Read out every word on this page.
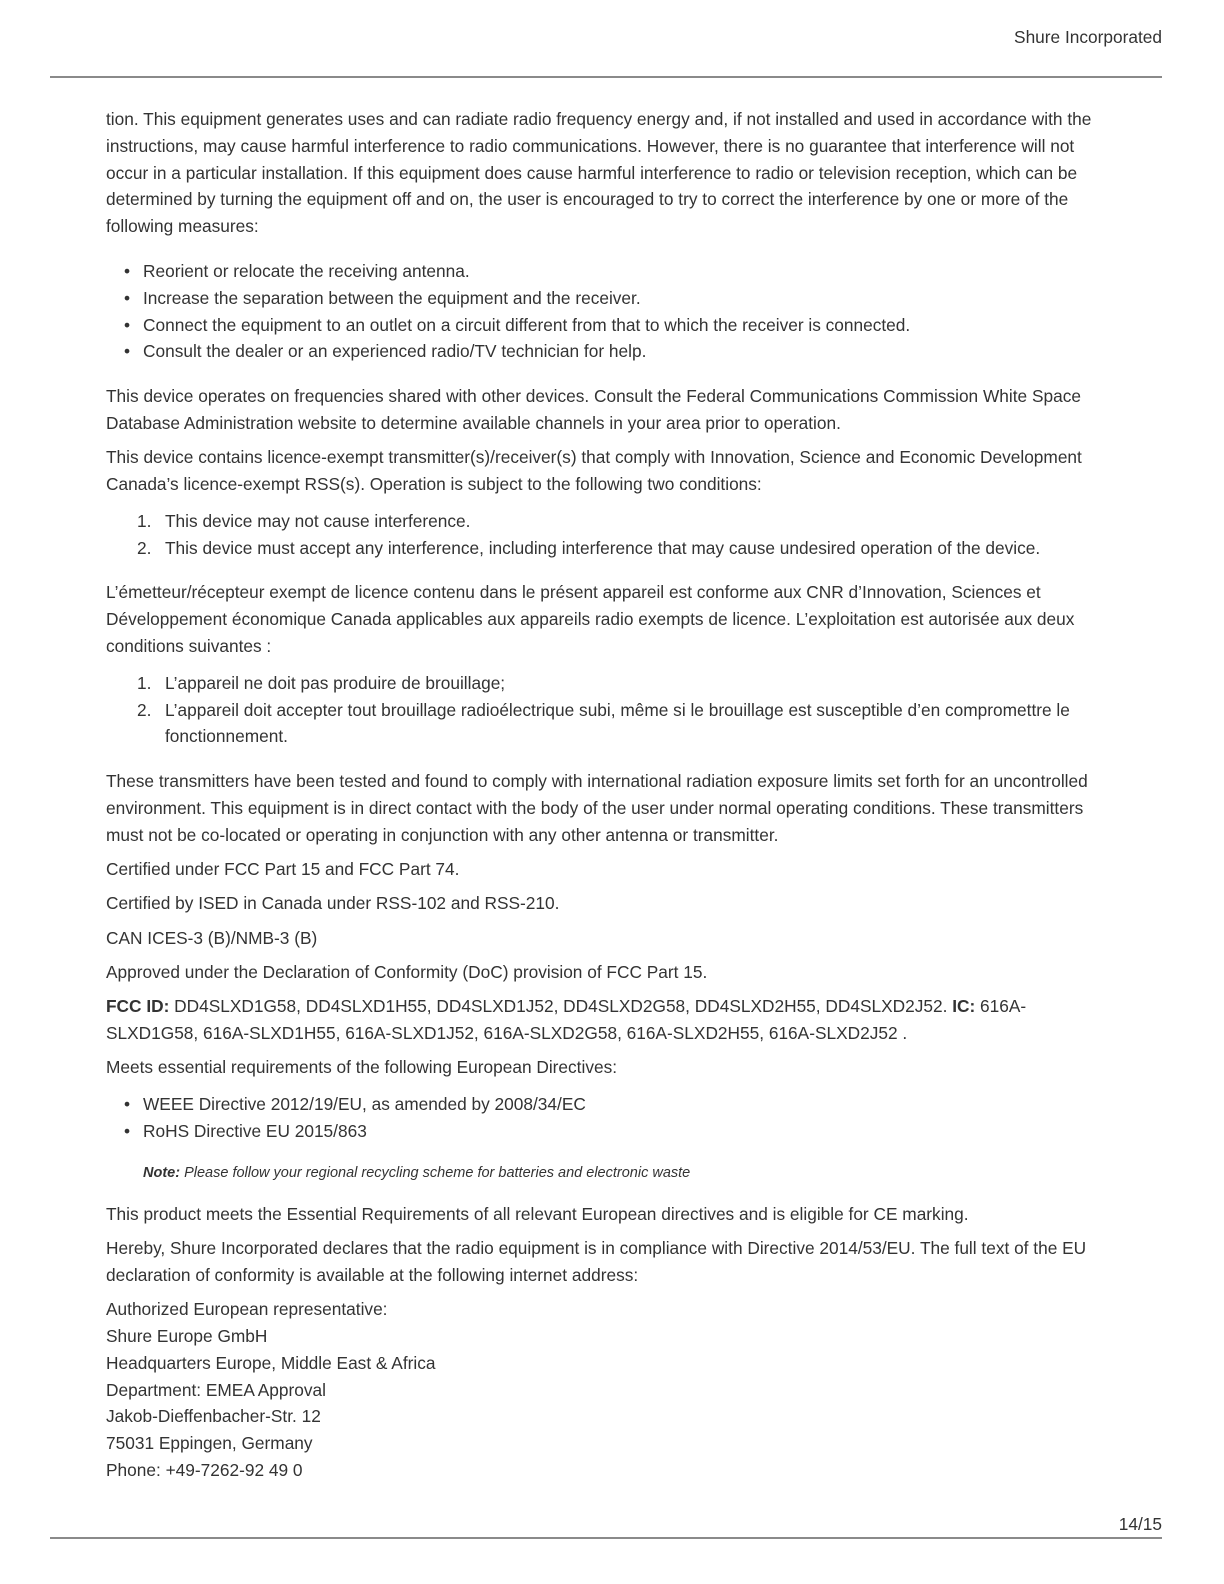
Shure Incorporated

tion. This equipment generates uses and can radiate radio frequency energy and, if not installed and used in accordance with the instructions, may cause harmful interference to radio communications. However, there is no guarantee that interference will not occur in a particular installation. If this equipment does cause harmful interference to radio or television reception, which can be determined by turning the equipment off and on, the user is encouraged to try to correct the interference by one or more of the following measures:

• Reorient or relocate the receiving antenna.
• Increase the separation between the equipment and the receiver.
• Connect the equipment to an outlet on a circuit different from that to which the receiver is connected.
• Consult the dealer or an experienced radio/TV technician for help.

This device operates on frequencies shared with other devices. Consult the Federal Communications Commission White Space Database Administration website to determine available channels in your area prior to operation.

This device contains licence-exempt transmitter(s)/receiver(s) that comply with Innovation, Science and Economic Development Canada’s licence-exempt RSS(s). Operation is subject to the following two conditions:

1. This device may not cause interference.
2. This device must accept any interference, including interference that may cause undesired operation of the device.

L’émetteur/récepteur exempt de licence contenu dans le présent appareil est conforme aux CNR d’Innovation, Sciences et Développement économique Canada applicables aux appareils radio exempts de licence. L’exploitation est autorisée aux deux conditions suivantes :

1. L’appareil ne doit pas produire de brouillage;
2. L’appareil doit accepter tout brouillage radioélectrique subi, même si le brouillage est susceptible d’en compromettre le fonctionnement.

These transmitters have been tested and found to comply with international radiation exposure limits set forth for an uncontrolled environment. This equipment is in direct contact with the body of the user under normal operating conditions. These transmitters must not be co-located or operating in conjunction with any other antenna or transmitter.

Certified under FCC Part 15 and FCC Part 74.

Certified by ISED in Canada under RSS-102 and RSS-210.

CAN ICES-3 (B)/NMB-3 (B)

Approved under the Declaration of Conformity (DoC) provision of FCC Part 15.

FCC ID: DD4SLXD1G58, DD4SLXD1H55, DD4SLXD1J52, DD4SLXD2G58, DD4SLXD2H55, DD4SLXD2J52. IC: 616A-SLXD1G58, 616A-SLXD1H55, 616A-SLXD1J52, 616A-SLXD2G58, 616A-SLXD2H55, 616A-SLXD2J52 .

Meets essential requirements of the following European Directives:

• WEEE Directive 2012/19/EU, as amended by 2008/34/EC
• RoHS Directive EU 2015/863
Note: Please follow your regional recycling scheme for batteries and electronic waste

This product meets the Essential Requirements of all relevant European directives and is eligible for CE marking.

Hereby, Shure Incorporated declares that the radio equipment is in compliance with Directive 2014/53/EU. The full text of the EU declaration of conformity is available at the following internet address:

Authorized European representative:
Shure Europe GmbH
Headquarters Europe, Middle East & Africa
Department: EMEA Approval
Jakob-Dieffenbacher-Str. 12
75031 Eppingen, Germany
Phone: +49-7262-92 49 0
14/15
